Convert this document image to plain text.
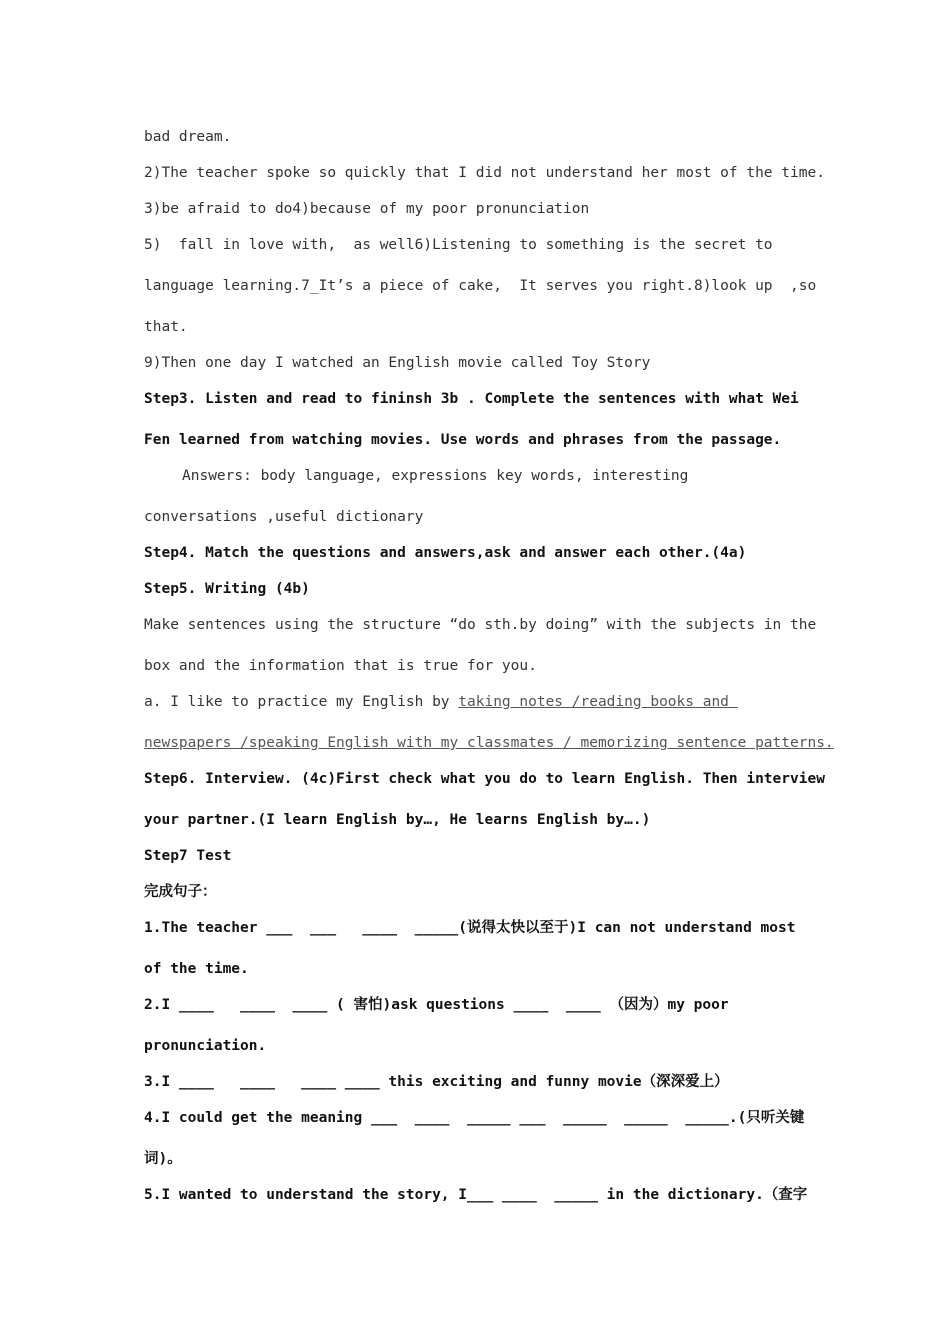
bad dream.
2)The teacher spoke so quickly that I did not understand her most of the time.
3)be afraid to do4)because of my poor pronunciation
5)  fall in love with,  as well6)Listening to something is the secret to
language learning.7_It’s a piece of cake,  It serves you right.8)look up  ,so
that.
9)Then one day I watched an English movie called Toy Story
Step3. Listen and read to fininsh 3b . Complete the sentences with what Wei
Fen learned from watching movies. Use words and phrases from the passage.
Answers: body language, expressions key words, interesting
conversations ,useful dictionary
Step4. Match the questions and answers,ask and answer each other.(4a)
Step5. Writing (4b)
Make sentences using the structure “do sth.by doing” with the subjects in the
box and the information that is true for you.
a. I like to practice my English by taking notes /reading books and
newspapers /speaking English with my classmates / memorizing sentence patterns.
Step6. Interview. (4c)First check what you do to learn English. Then interview
your partner.(I learn English by…, He learns English by….)
Step7 Test
完成句子：
1.The teacher ___  ___   ____  _____(说得太快以至于)I can not understand most
of the time.
2.I ____   ____  ____ ( 害怕)ask questions ____  ____ （因为）my poor
pronunciation.
3.I ____   ____   ____ ____ this exciting and funny movie（深深爱上）
4.I could get the meaning ___  ____  _____ ___  _____  _____  _____.(只听关键
词)。
5.I wanted to understand the story, I___ ____  _____ in the dictionary.（查字
